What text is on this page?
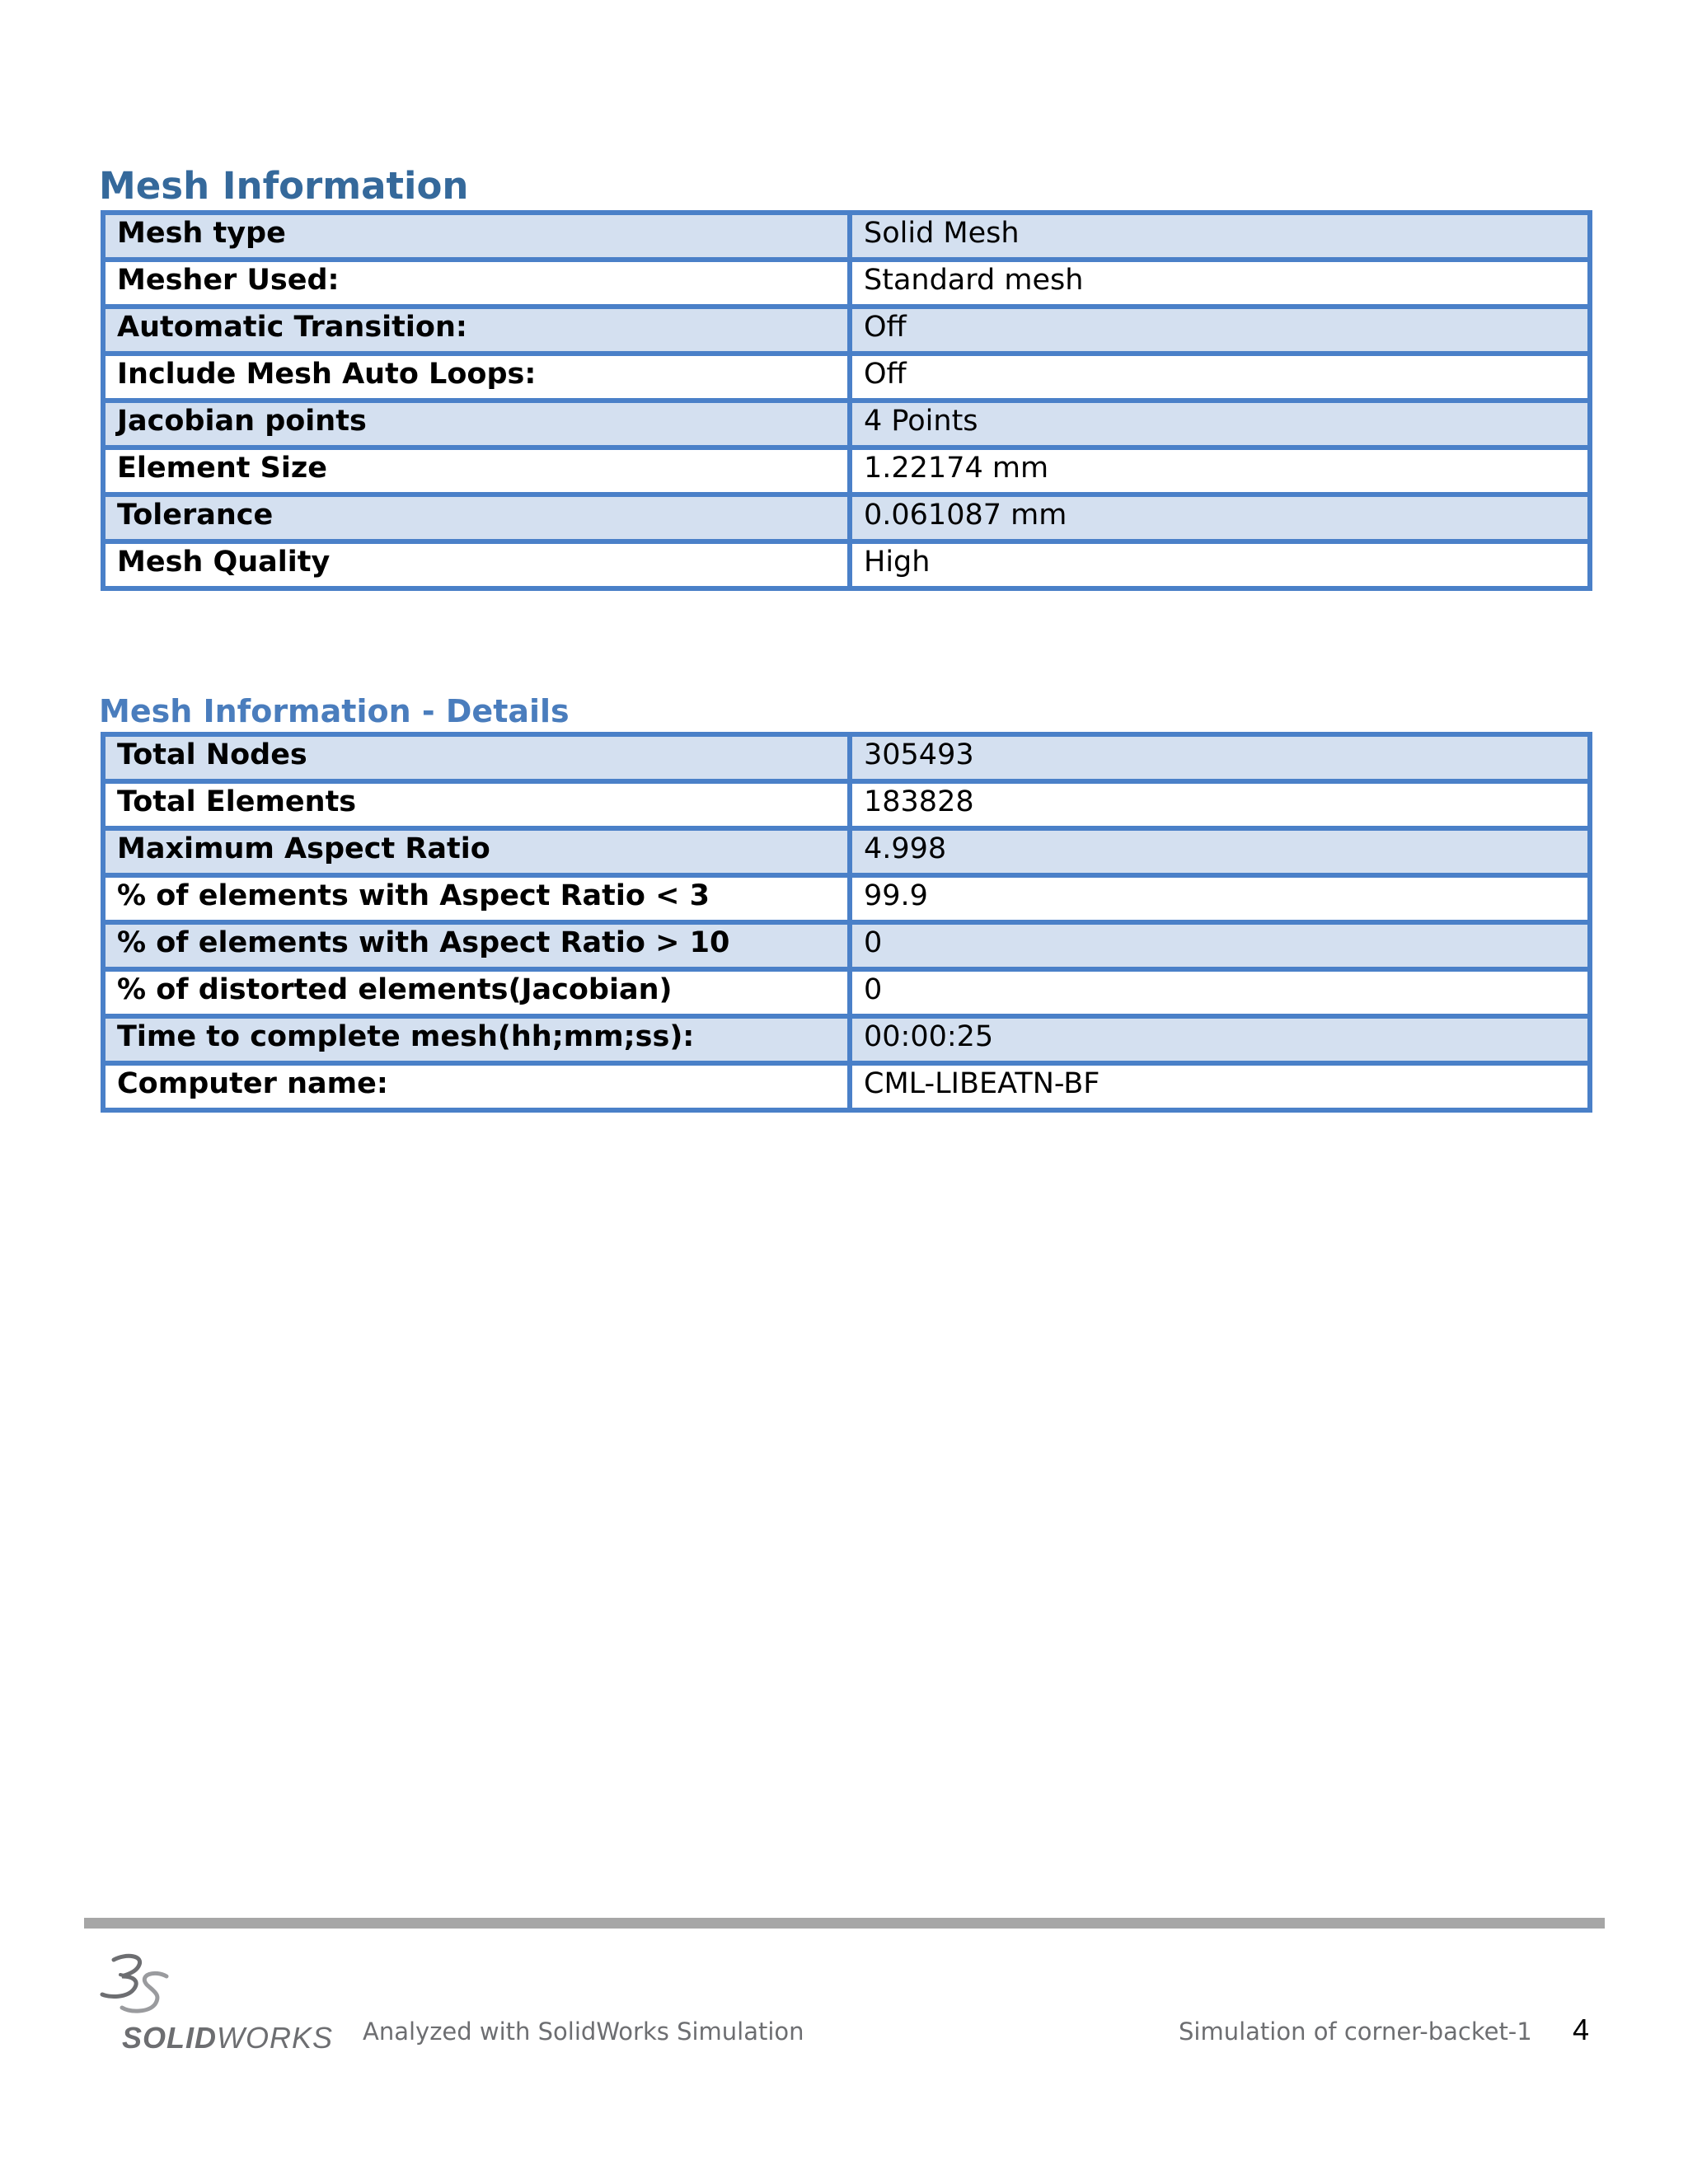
Mesh Information
Mesh type	Solid Mesh
Mesher Used:	Standard mesh
Automatic Transition:	Off
Include Mesh Auto Loops:	Off
Jacobian points	4 Points
Element Size	1.22174 mm
Tolerance	0.061087 mm
Mesh Quality	High
Mesh Information - Details
Total Nodes	305493
Total Elements	183828
Maximum Aspect Ratio	4.998
% of elements with Aspect Ratio < 3	99.9
% of elements with Aspect Ratio > 10	0
% of distorted elements(Jacobian)	0
Time to complete mesh(hh;mm;ss):	00:00:25
Computer name:	CML-LIBEATN-BF
SOLIDWORKS Analyzed with SolidWorks Simulation	Simulation of corner-backet-1 4
